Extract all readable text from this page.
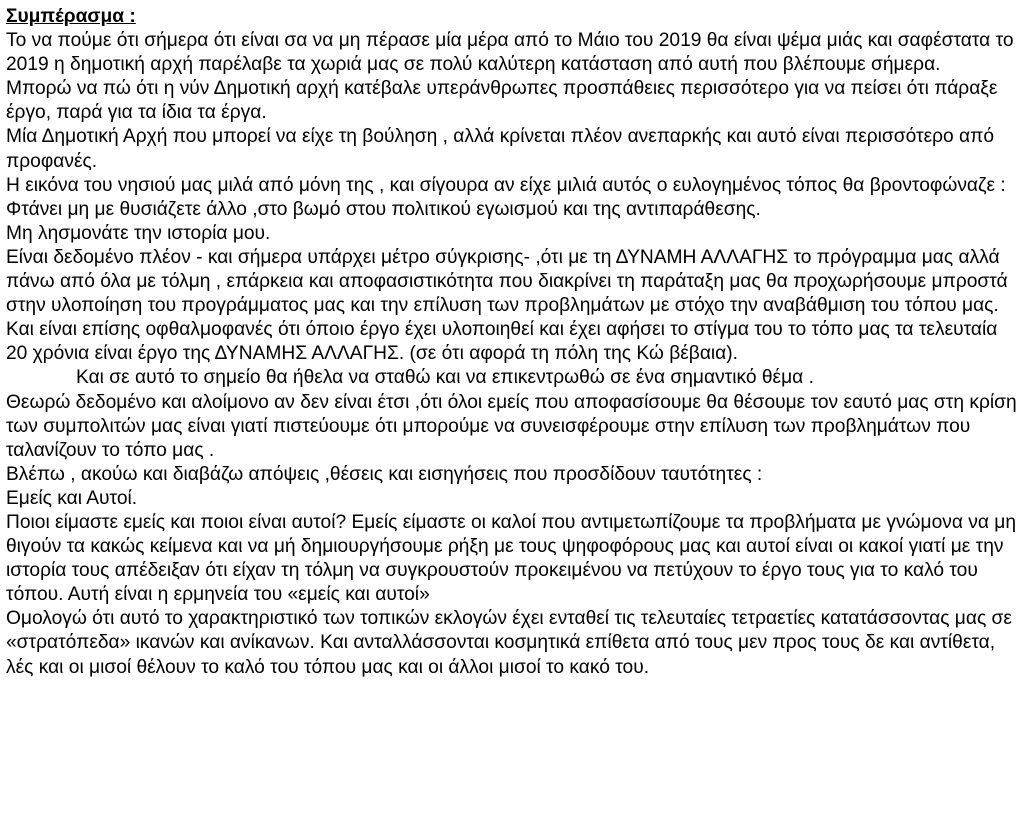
Συμπέρασμα :

Το να πούμε ότι σήμερα ότι είναι σα να μη πέρασε μία μέρα από το Μάιο του 2019 θα είναι ψέμα μιάς και σαφέστατα το 2019 η δημοτική αρχή παρέλαβε τα χωριά μας σε πολύ καλύτερη κατάσταση από αυτή που βλέπουμε σήμερα.

Μπορώ να πώ ότι η νύν Δημοτική αρχή κατέβαλε υπεράνθρωπες προσπάθειες περισσότερο για να πείσει ότι πάραξε έργο, παρά για τα ίδια τα έργα.

Μία Δημοτική Αρχή που μπορεί να είχε τη βούληση , αλλά κρίνεται πλέον ανεπαρκής και αυτό είναι περισσότερο από προφανές.

Η εικόνα του νησιού μας μιλά από μόνη της , και σίγουρα αν είχε μιλιά αυτός ο ευλογημένος τόπος θα βροντοφώναζε :

Φτάνει μη με θυσιάζετε άλλο ,στο βωμό στου πολιτικού εγωισμού και της αντιπαράθεσης.

Μη λησμονάτε την ιστορία μου.

Είναι δεδομένο πλέον - και σήμερα υπάρχει μέτρο σύγκρισης- ,ότι με τη ΔΥΝΑΜΗ ΑΛΛΑΓΗΣ το πρόγραμμα μας αλλά πάνω από όλα με τόλμη , επάρκεια και αποφασιστικότητα που διακρίνει τη παράταξη μας θα προχωρήσουμε μπροστά στην υλοποίηση του προγράμματος μας και την επίλυση των προβλημάτων με στόχο την αναβάθμιση του τόπου μας.

Και είναι επίσης οφθαλμοφανές ότι όποιο έργο έχει υλοποιηθεί και έχει αφήσει το στίγμα του το τόπο μας τα τελευταία 20 χρόνια είναι έργο της ΔΥΝΑΜΗΣ ΑΛΛΑΓΗΣ. (σε ότι αφορά τη πόλη της Κώ βέβαια).

Και σε αυτό το σημείο θα ήθελα να σταθώ και να επικεντρωθώ σε ένα σημαντικό θέμα .

Θεωρώ δεδομένο και αλοίμονο αν δεν είναι έτσι ,ότι όλοι εμείς που αποφασίσουμε θα θέσουμε τον εαυτό μας στη κρίση των συμπολιτών μας είναι γιατί πιστεύουμε ότι μπορούμε να συνεισφέρουμε στην επίλυση των προβλημάτων που ταλανίζουν το τόπο μας .

Βλέπω , ακούω και διαβάζω απόψεις ,θέσεις και εισηγήσεις που προσδίδουν ταυτότητες :

Εμείς και Αυτοί.

Ποιοι είμαστε εμείς και ποιοι είναι αυτοί? Εμείς είμαστε οι καλοί που αντιμετωπίζουμε τα προβλήματα με γνώμονα να μη θιγούν τα κακώς κείμενα και να μή δημιουργήσουμε ρήξη με τους ψηφοφόρους μας και αυτοί είναι οι κακοί γιατί με την ιστορία τους απέδειξαν ότι είχαν τη τόλμη να συγκρουστούν προκειμένου να πετύχουν το έργο τους για το καλό του τόπου. Αυτή είναι η ερμηνεία του «εμείς και αυτοί»

Ομολογώ ότι αυτό το χαρακτηριστικό των τοπικών εκλογών έχει ενταθεί τις τελευταίες τετραετίες κατατάσσοντας μας σε «στρατόπεδα» ικανών και ανίκανων. Και ανταλλάσσονται κοσμητικά επίθετα από τους μεν προς τους δε και αντίθετα, λές και οι μισοί θέλουν το καλό του τόπου μας και οι άλλοι μισοί το κακό του.
